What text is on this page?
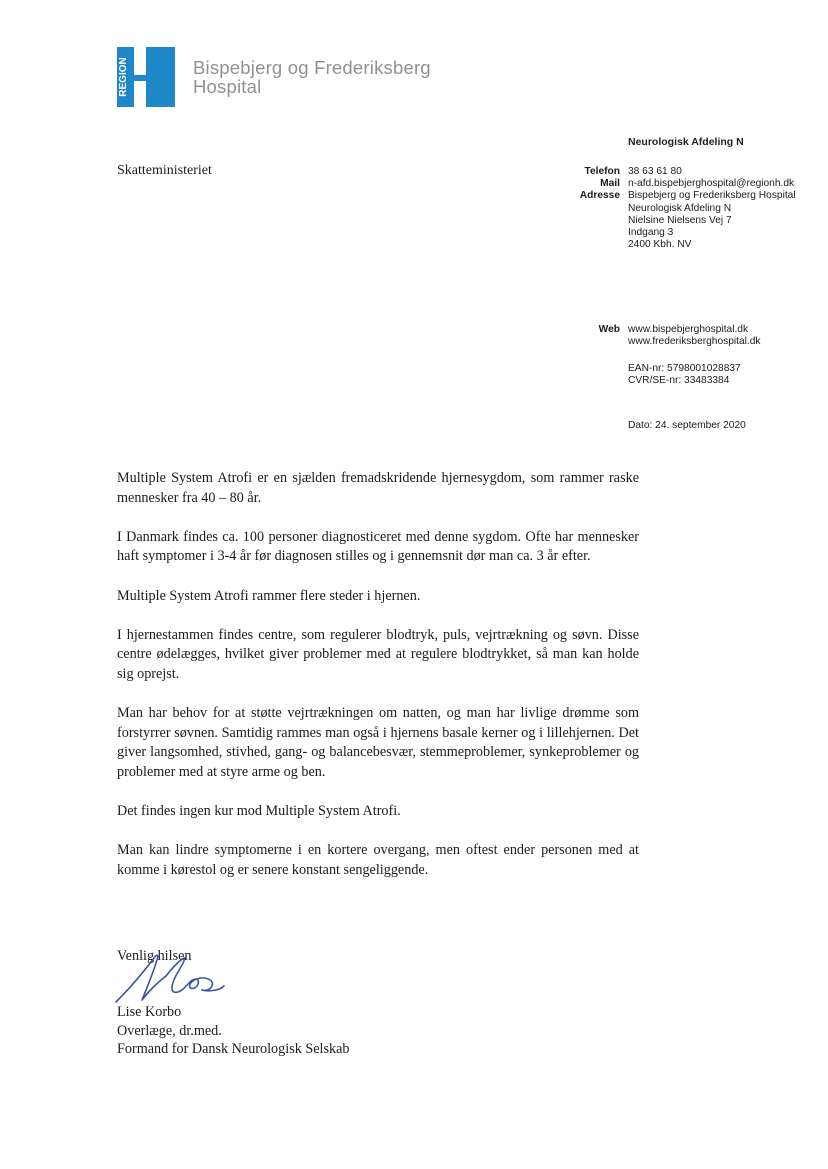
REGION	Bispebjerg og Frederiksberg
Hospital
Neurologisk Afdeling N
Skatteministeriet	Telefon 38 63 61 80
Mail n-afd.bispebjerghospital@regionh.dk
Adresse Bispebjerg og Frederiksberg Hospital
Neurologisk Afdeling N
Nielsine Nielsens Vej 7
Indgang 3
2400 Kbh. NV
Web www.bispebjerghospital.dk
www.frederiksberghospital.dk
EAN-nr: 5798001028837
CVR/SE-nr: 33483384
Dato: 24. september 2020

Multiple System Atrofi er en sjælden fremadskridende hjernesygdom, som rammer raske mennesker fra 40 – 80 år.

I Danmark findes ca. 100 personer diagnosticeret med denne sygdom. Ofte har mennesker haft symptomer i 3-4 år før diagnosen stilles og i gennemsnit dør man ca. 3 år efter.

Multiple System Atrofi rammer flere steder i hjernen.

I hjernestammen findes centre, som regulerer blodtryk, puls, vejrtrækning og søvn. Disse centre ødelægges, hvilket giver problemer med at regulere blodtrykket, så man kan holde sig oprejst.

Man har behov for at støtte vejrtrækningen om natten, og man har livlige drømme som forstyrrer søvnen. Samtidig rammes man også i hjernens basale kerner og i lillehjernen. Det giver langsomhed, stivhed, gang- og balancebesvær, stemmeproblemer, synkeproblemer og problemer med at styre arme og ben.

Det findes ingen kur mod Multiple System Atrofi.

Man kan lindre symptomerne i en kortere overgang, men oftest ender personen med at komme i kørestol og er senere konstant sengeliggende.

Venlig hilsen
Lise Korbo
Overlæge, dr.med.
Formand for Dansk Neurologisk Selskab
